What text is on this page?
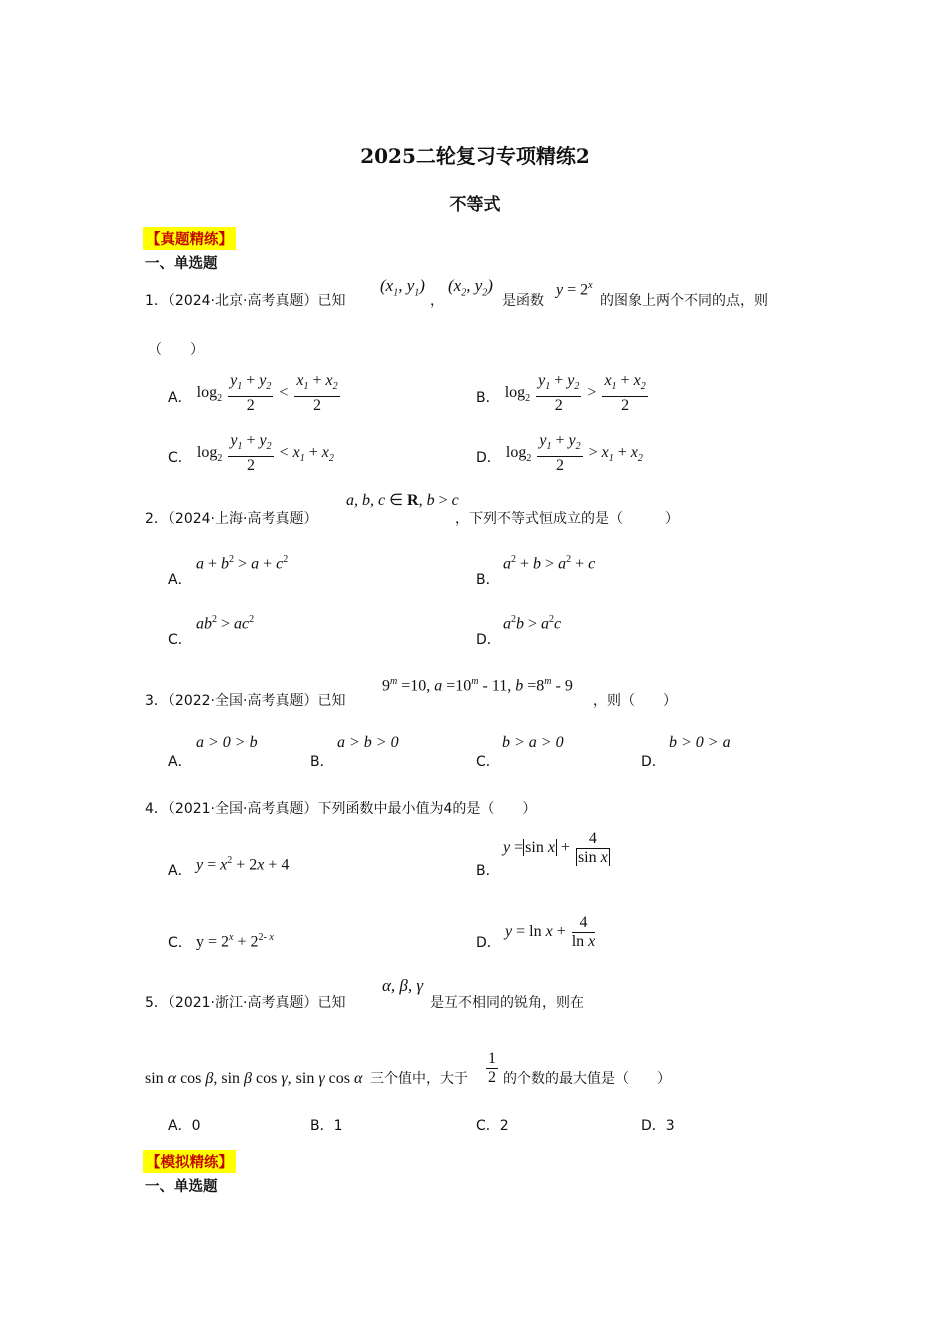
2025二轮复习专项精练2
不等式
【真题精练】
一、单选题
1．（2024·北京·高考真题）已知
($x_1$, $y_1$)
，
($x_2$, $y_2$)
是函数
$y = 2^x$
的图象上两个不同的点，则
（　　）
A． $\log_2 \frac{y_1 + y_2}{2} < \frac{x_1 + x_2}{2}$	B． $\log_2 \frac{y_1 + y_2}{2} > \frac{x_1 + x_2}{2}$
C． $\log_2 \frac{y_1 + y_2}{2} < x_1 + x_2$	D． $\log_2 \frac{y_1 + y_2}{2} > x_1 + x_2$
2．（2024·上海·高考真题）
a, b, c ∈ R, b > c
，下列不等式恒成立的是（　　　）
A．
$a + b^2 > a + c^2$
B．
$a^2 + b > a^2 + c$
C．
$ab^2 > ac^2$
D．
$a^2b > a^2c$
3．（2022·全国·高考真题）已知
$9^m =10$, $a =10^m - 11$, $b =8^m - 9$
，则（　　）
A．
a > 0 > b
B．
a > b > 0
C．
b > a > 0
D．
b > 0 > a
4．（2021·全国·高考真题）下列函数中最小值为4的是（　　）
A． $y = x^2 + 2x + 4$	B．
$y = \sin x + \frac{4}{\text{sin x}}$
C． $y = 2^x + 2^{2- x}$	D．
$y = \ln x + \frac{4}{\text{ln x}}$
5．（2021·浙江·高考真题）已知
α, β, γ
是互不相同的锐角，则在
sin α cos β, sin β cos γ, sin γ cos α 三个值中，大于 $\frac{1}{2}$ 的个数的最大值是（　　）
A．0	B．1	C．2	D．3
【模拟精练】
一、单选题
